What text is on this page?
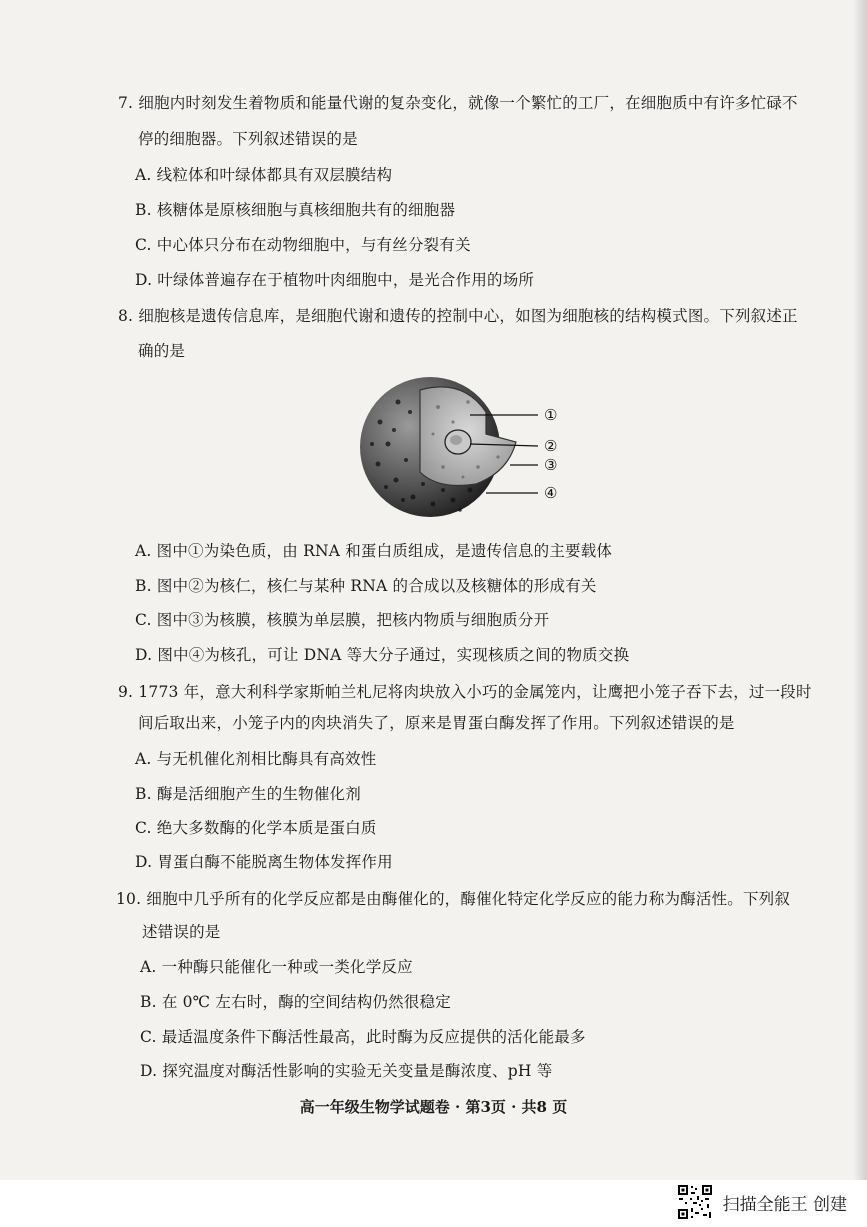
7. 细胞内时刻发生着物质和能量代谢的复杂变化，就像一个繁忙的工厂，在细胞质中有许多忙碌不
停的细胞器。下列叙述错误的是
A. 线粒体和叶绿体都具有双层膜结构
B. 核糖体是原核细胞与真核细胞共有的细胞器
C. 中心体只分布在动物细胞中，与有丝分裂有关
D. 叶绿体普遍存在于植物叶肉细胞中，是光合作用的场所
8. 细胞核是遗传信息库，是细胞代谢和遗传的控制中心，如图为细胞核的结构模式图。下列叙述正
确的是
①
②
③
④
A. 图中①为染色质，由 RNA 和蛋白质组成，是遗传信息的主要载体
B. 图中②为核仁，核仁与某种 RNA 的合成以及核糖体的形成有关
C. 图中③为核膜，核膜为单层膜，把核内物质与细胞质分开
D. 图中④为核孔，可让 DNA 等大分子通过，实现核质之间的物质交换
9. 1773 年，意大利科学家斯帕兰札尼将肉块放入小巧的金属笼内，让鹰把小笼子吞下去，过一段时
间后取出来，小笼子内的肉块消失了，原来是胃蛋白酶发挥了作用。下列叙述错误的是
A. 与无机催化剂相比酶具有高效性
B. 酶是活细胞产生的生物催化剂
C. 绝大多数酶的化学本质是蛋白质
D. 胃蛋白酶不能脱离生物体发挥作用
10. 细胞中几乎所有的化学反应都是由酶催化的，酶催化特定化学反应的能力称为酶活性。下列叙
述错误的是
A. 一种酶只能催化一种或一类化学反应
B. 在 0℃ 左右时，酶的空间结构仍然很稳定
C. 最适温度条件下酶活性最高，此时酶为反应提供的活化能最多
D. 探究温度对酶活性影响的实验无关变量是酶浓度、pH 等
高一年级生物学试题卷 · 第3页 · 共8 页
扫描全能王 创建
